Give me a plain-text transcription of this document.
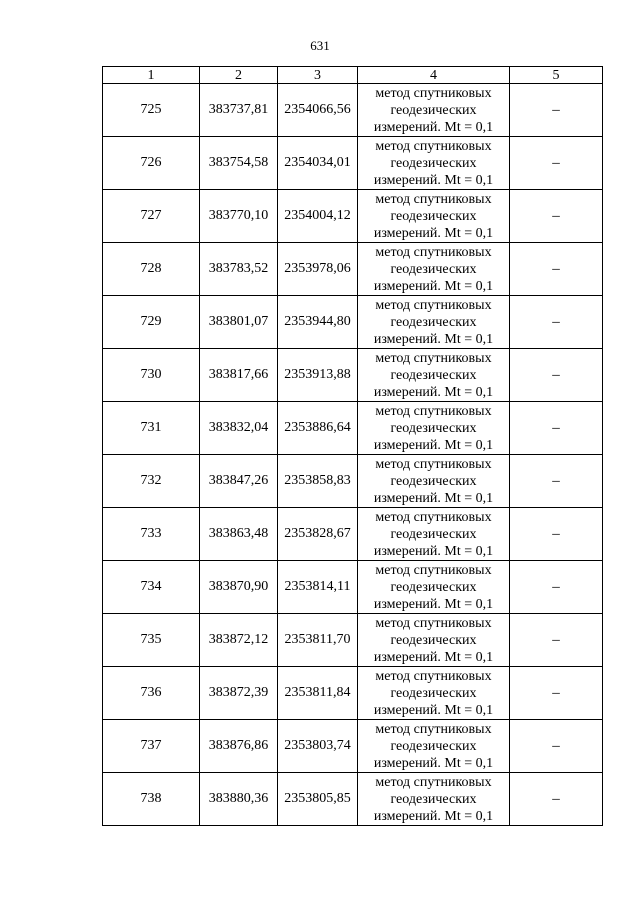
631
1	2	3	4	5
725	383737,81	2354066,56	метод спутниковых
геодезических
измерений. Mt = 0,1	–
726	383754,58	2354034,01	метод спутниковых
геодезических
измерений. Mt = 0,1	–
727	383770,10	2354004,12	метод спутниковых
геодезических
измерений. Mt = 0,1	–
728	383783,52	2353978,06	метод спутниковых
геодезических
измерений. Mt = 0,1	–
729	383801,07	2353944,80	метод спутниковых
геодезических
измерений. Mt = 0,1	–
730	383817,66	2353913,88	метод спутниковых
геодезических
измерений. Mt = 0,1	–
731	383832,04	2353886,64	метод спутниковых
геодезических
измерений. Mt = 0,1	–
732	383847,26	2353858,83	метод спутниковых
геодезических
измерений. Mt = 0,1	–
733	383863,48	2353828,67	метод спутниковых
геодезических
измерений. Mt = 0,1	–
734	383870,90	2353814,11	метод спутниковых
геодезических
измерений. Mt = 0,1	–
735	383872,12	2353811,70	метод спутниковых
геодезических
измерений. Mt = 0,1	–
736	383872,39	2353811,84	метод спутниковых
геодезических
измерений. Mt = 0,1	–
737	383876,86	2353803,74	метод спутниковых
геодезических
измерений. Mt = 0,1	–
738	383880,36	2353805,85	метод спутниковых
геодезических
измерений. Mt = 0,1	–
